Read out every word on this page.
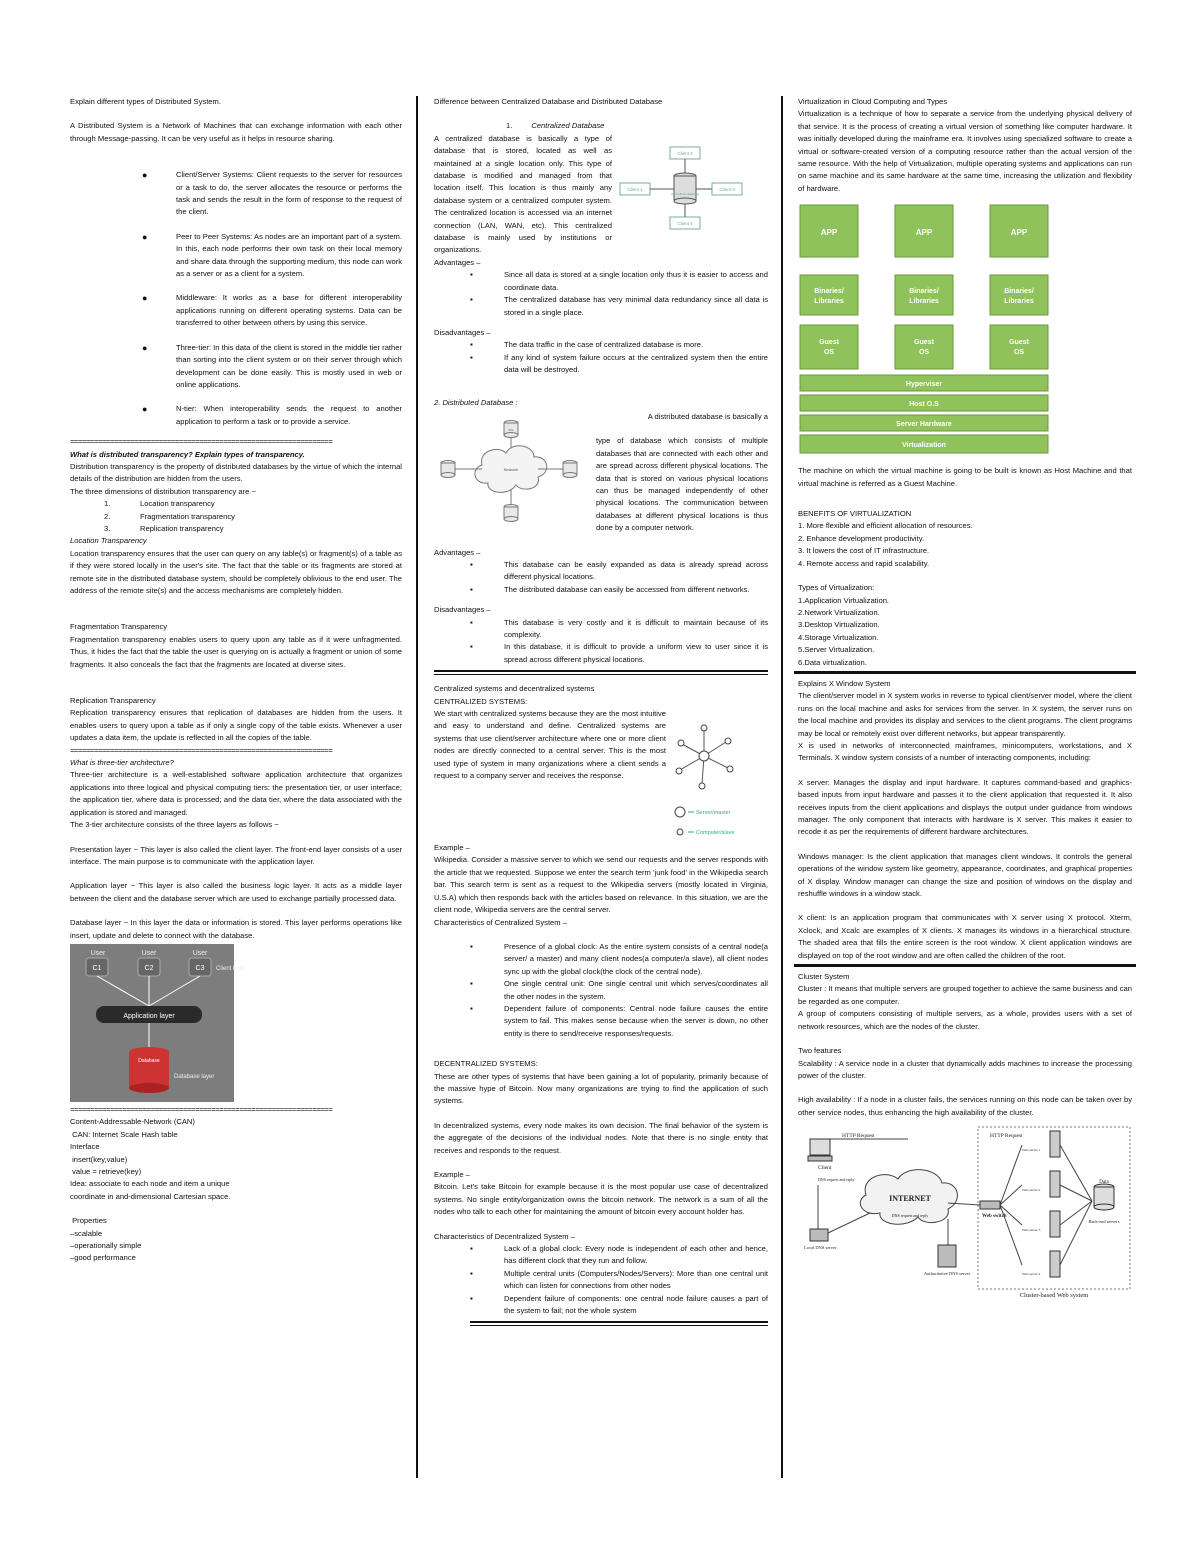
Explain different types of Distributed System.

A Distributed System is a Network of Machines that can exchange information with each other through Message-passing. It can be very useful as it helps in resource sharing.

● Client/Server Systems: Client requests to the server for resources or a task to do, the server allocates the resource or performs the task and sends the result in the form of response to the request of the client.
● Peer to Peer Systems: As nodes are an important part of a system. In this, each node performs their own task on their local memory and share data through the supporting medium, this node can work as a server or as a client for a system.
● Middleware: It works as a base for different interoperability applications running on different operating systems. Data can be transferred to other between others by using this service.
● Three-tier: In this data of the client is stored in the middle tier rather than sorting into the client system or on their server through which development can be done easily. This is mostly used in web or online applications.
● N-tier: When interoperability sends the request to another application to perform a task or to provide a service.

=================================================================

What is distributed transparency? Explain types of transparency.

Distribution transparency is the property of distributed databases by the virtue of which the internal details of the distribution are hidden from the users.

The three dimensions of distribution transparency are −

1.	Location transparency
2.	Fragmentation transparency
3.	Replication transparency

Location Transparency

Location transparency ensures that the user can query on any table(s) or fragment(s) of a table as if they were stored locally in the user's site. The fact that the table or its fragments are stored at remote site in the distributed database system, should be completely oblivious to the end user. The address of the remote site(s) and the access mechanisms are completely hidden.

Fragmentation Transparency

Fragmentation transparency enables users to query upon any table as if it were unfragmented. Thus, it hides the fact that the table the user is querying on is actually a fragment or union of some fragments. It also conceals the fact that the fragments are located at diverse sites.

Replication Transparency

Replication transparency ensures that replication of databases are hidden from the users. It enables users to query upon a table as if only a single copy of the table exists. Whenever a user updates a data item, the update is reflected in all the copies of the table.

=================================================================

What is three-tier architecture?

Three-tier architecture is a well-established software application architecture that organizes applications into three logical and physical computing tiers: the presentation tier, or user interface; the application tier, where data is processed; and the data tier, where the data associated with the application is stored and managed.

The 3-tier architecture consists of the three layers as follows −

Presentation layer − This layer is also called the client layer. The front-end layer consists of a user interface. The main purpose is to communicate with the application layer.

Application layer − This layer is also called the business logic layer. It acts as a middle layer between the client and the database server which are used to exchange partially processed data.

Database layer − In this layer the data or information is stored. This layer performs operations like insert, update and delete to connect with the database.

User	User	User
C1	C2	C3 Client layer
Application layer
Database
Database layer

=================================================================

Content-Addressable-Network (CAN)

CAN: Internet Scale Hash table

Interface

insert(key,value)

value = retrieve(key)

Idea: associate to each node and item a unique

coordinate in and-dimensional Cartesian space.

Properties

–scalable

–operationally simple

–good performance

Difference between Centralized Database and Distributed Database

1.	Centralized Database

Client 2
Client 1	Client 3
Client 4
Centralized database

A centralized database is basically a type of database that is stored, located as well as maintained at a single location only. This type of database is modified and managed from that location itself. This location is thus mainly any database system or a centralized computer system. The centralized location is accessed via an internet connection (LAN, WAN, etc). This centralized database is mainly used by institutions or organizations.

Advantages –

▪ Since all data is stored at a single location only thus it is easier to access and coordinate data.
▪ The centralized database has very minimal data redundancy since all data is stored in a single place.

Disadvantages –

▪ The data traffic in the case of centralized database is more.
▪ If any kind of system failure occurs at the centralized system then the entire data will be destroyed.

2. Distributed Database :

Network
Site

A distributed database is basically a

type of database which consists of multiple databases that are connected with each other and are spread across different physical locations. The data that is stored on various physical locations can thus be managed independently of other physical locations. The communication between databases at different physical locations is thus done by a computer network.

Advantages –

▪ This database can be easily expanded as data is already spread across different physical locations.
▪ The distributed database can easily be accessed from different networks.

Disadvantages –

▪ This database is very costly and it is difficult to maintain because of its complexity.
▪ In this database, it is difficult to provide a uniform view to user since it is spread across different physical locations.

Centralized systems and decentralized systems

CENTRALIZED SYSTEMS:

Server/master
Computer/slave

We start with centralized systems because they are the most intuitive and easy to understand and define. Centralized systems are systems that use client/server architecture where one or more client nodes are directly connected to a central server. This is the most used type of system in many organizations where a client sends a request to a company server and receives the response.

Example –

Wikipedia. Consider a massive server to which we send our requests and the server responds with the article that we requested. Suppose we enter the search term 'junk food' in the Wikipedia search bar. This search term is sent as a request to the Wikipedia servers (mostly located in Virginia, U.S.A) which then responds back with the articles based on relevance. In this situation, we are the client node, Wikipedia servers are the central server.

Characteristics of Centralized System –

▪ Presence of a global clock: As the entire system consists of a central node(a server/ a master) and many client nodes(a computer/a slave), all client nodes sync up with the global clock(the clock of the central node).
▪ One single central unit: One single central unit which serves/coordinates all the other nodes in the system.
▪ Dependent failure of components: Central node failure causes the entire system to fail. This makes sense because when the server is down, no other entity is there to send/receive responses/requests.

DECENTRALIZED SYSTEMS:

These are other types of systems that have been gaining a lot of popularity, primarily because of the massive hype of Bitcoin. Now many organizations are trying to find the application of such systems.

In decentralized systems, every node makes its own decision. The final behavior of the system is the aggregate of the decisions of the individual nodes. Note that there is no single entity that receives and responds to the request.

Example –

Bitcoin. Let's take Bitcoin for example because it is the most popular use case of decentralized systems. No single entity/organization owns the bitcoin network. The network is a sum of all the nodes who talk to each other for maintaining the amount of bitcoin every account holder has.

Characteristics of Decentralized System –

▪ Lack of a global clock: Every node is independent of each other and hence, has different clock that they run and follow.
▪ Multiple central units (Computers/Nodes/Servers): More than one central unit which can listen for connections from other nodes
▪ Dependent failure of components: one central node failure causes a part of the system to fail; not the whole system

Virtualization in Cloud Computing and Types

Virtualization is a technique of how to separate a service from the underlying physical delivery of that service. It is the process of creating a virtual version of something like computer hardware. It was initially developed during the mainframe era. It involves using specialized software to create a virtual or software-created version of a computing resource rather than the actual version of the same resource. With the help of Virtualization, multiple operating systems and applications can run on same machine and its same hardware at the same time, increasing the utilization and flexibility of hardware.

APP
Binaries/
Libraries
Guest
OS
APP
Binaries/
Libraries
Guest
OS
APP
Binaries/
Libraries
Guest
OS
Hyperviser
Host O.S
Server Hardware
Virtualization

The machine on which the virtual machine is going to be built is known as Host Machine and that virtual machine is referred as a Guest Machine.

BENEFITS OF VIRTUALIZATION

1. More flexible and efficient allocation of resources.

2. Enhance development productivity.

3. It lowers the cost of IT infrastructure.

4. Remote access and rapid scalability.

Types of Virtualization:

1.Application Virtualization.

2.Network Virtualization.

3.Desktop Virtualization.

4.Storage Virtualization.

5.Server Virtualization.

6.Data virtualization.

Explains X Window System

The client/server model in X system works in reverse to typical client/server model, where the client runs on the local machine and asks for services from the server. In X system, the server runs on the local machine and provides its display and services to the client programs. The client programs may be local or remotely exist over different networks, but appear transparently.

X is used in networks of interconnected mainframes, minicomputers, workstations, and X Terminals. X window system consists of a number of interacting components, including:

X server: Manages the display and input hardware. It captures command-based and graphics-based inputs from input hardware and passes it to the client application that requested it. It also receives inputs from the client applications and displays the output under guidance from windows manager. The only component that interacts with hardware is X server. This makes it easier to recode it as per the requirements of different hardware architectures.

Windows manager: Is the client application that manages client windows. It controls the general operations of the window system like geometry, appearance, coordinates, and graphical properties of X display. Window manager can change the size and position of windows on the display and reshuffle windows in a window stack.

X client: Is an application program that communicates with X server using X protocol. Xterm, Xclock, and Xcalc are examples of X clients. X manages its windows in a hierarchical structure. The shaded area that fills the entire screen is the root window. X client application windows are displayed on top of the root window and are often called the children of the root.

Cluster System

Cluster : It means that multiple servers are grouped together to achieve the same business and can be regarded as one computer.

A group of computers consisting of multiple servers, as a whole, provides users with a set of network resources, which are the nodes of the cluster.

Two features

Scalability : A service node in a cluster that dynamically adds machines to increase the processing power of the cluster.

High availability : If a node in a cluster fails, the services running on this node can be taken over by other service nodes, thus enhancing the high availability of the cluster.

HTTP Request	HTTP Request
Client
DNS request and reply
Local DNS server
INTERNET
DNS request and reply
Authoritative DNS server
Web switch
Web server 1
Web server 2
Web server 3
Web server 4
Data
Back-end servers
Cluster-based Web system
